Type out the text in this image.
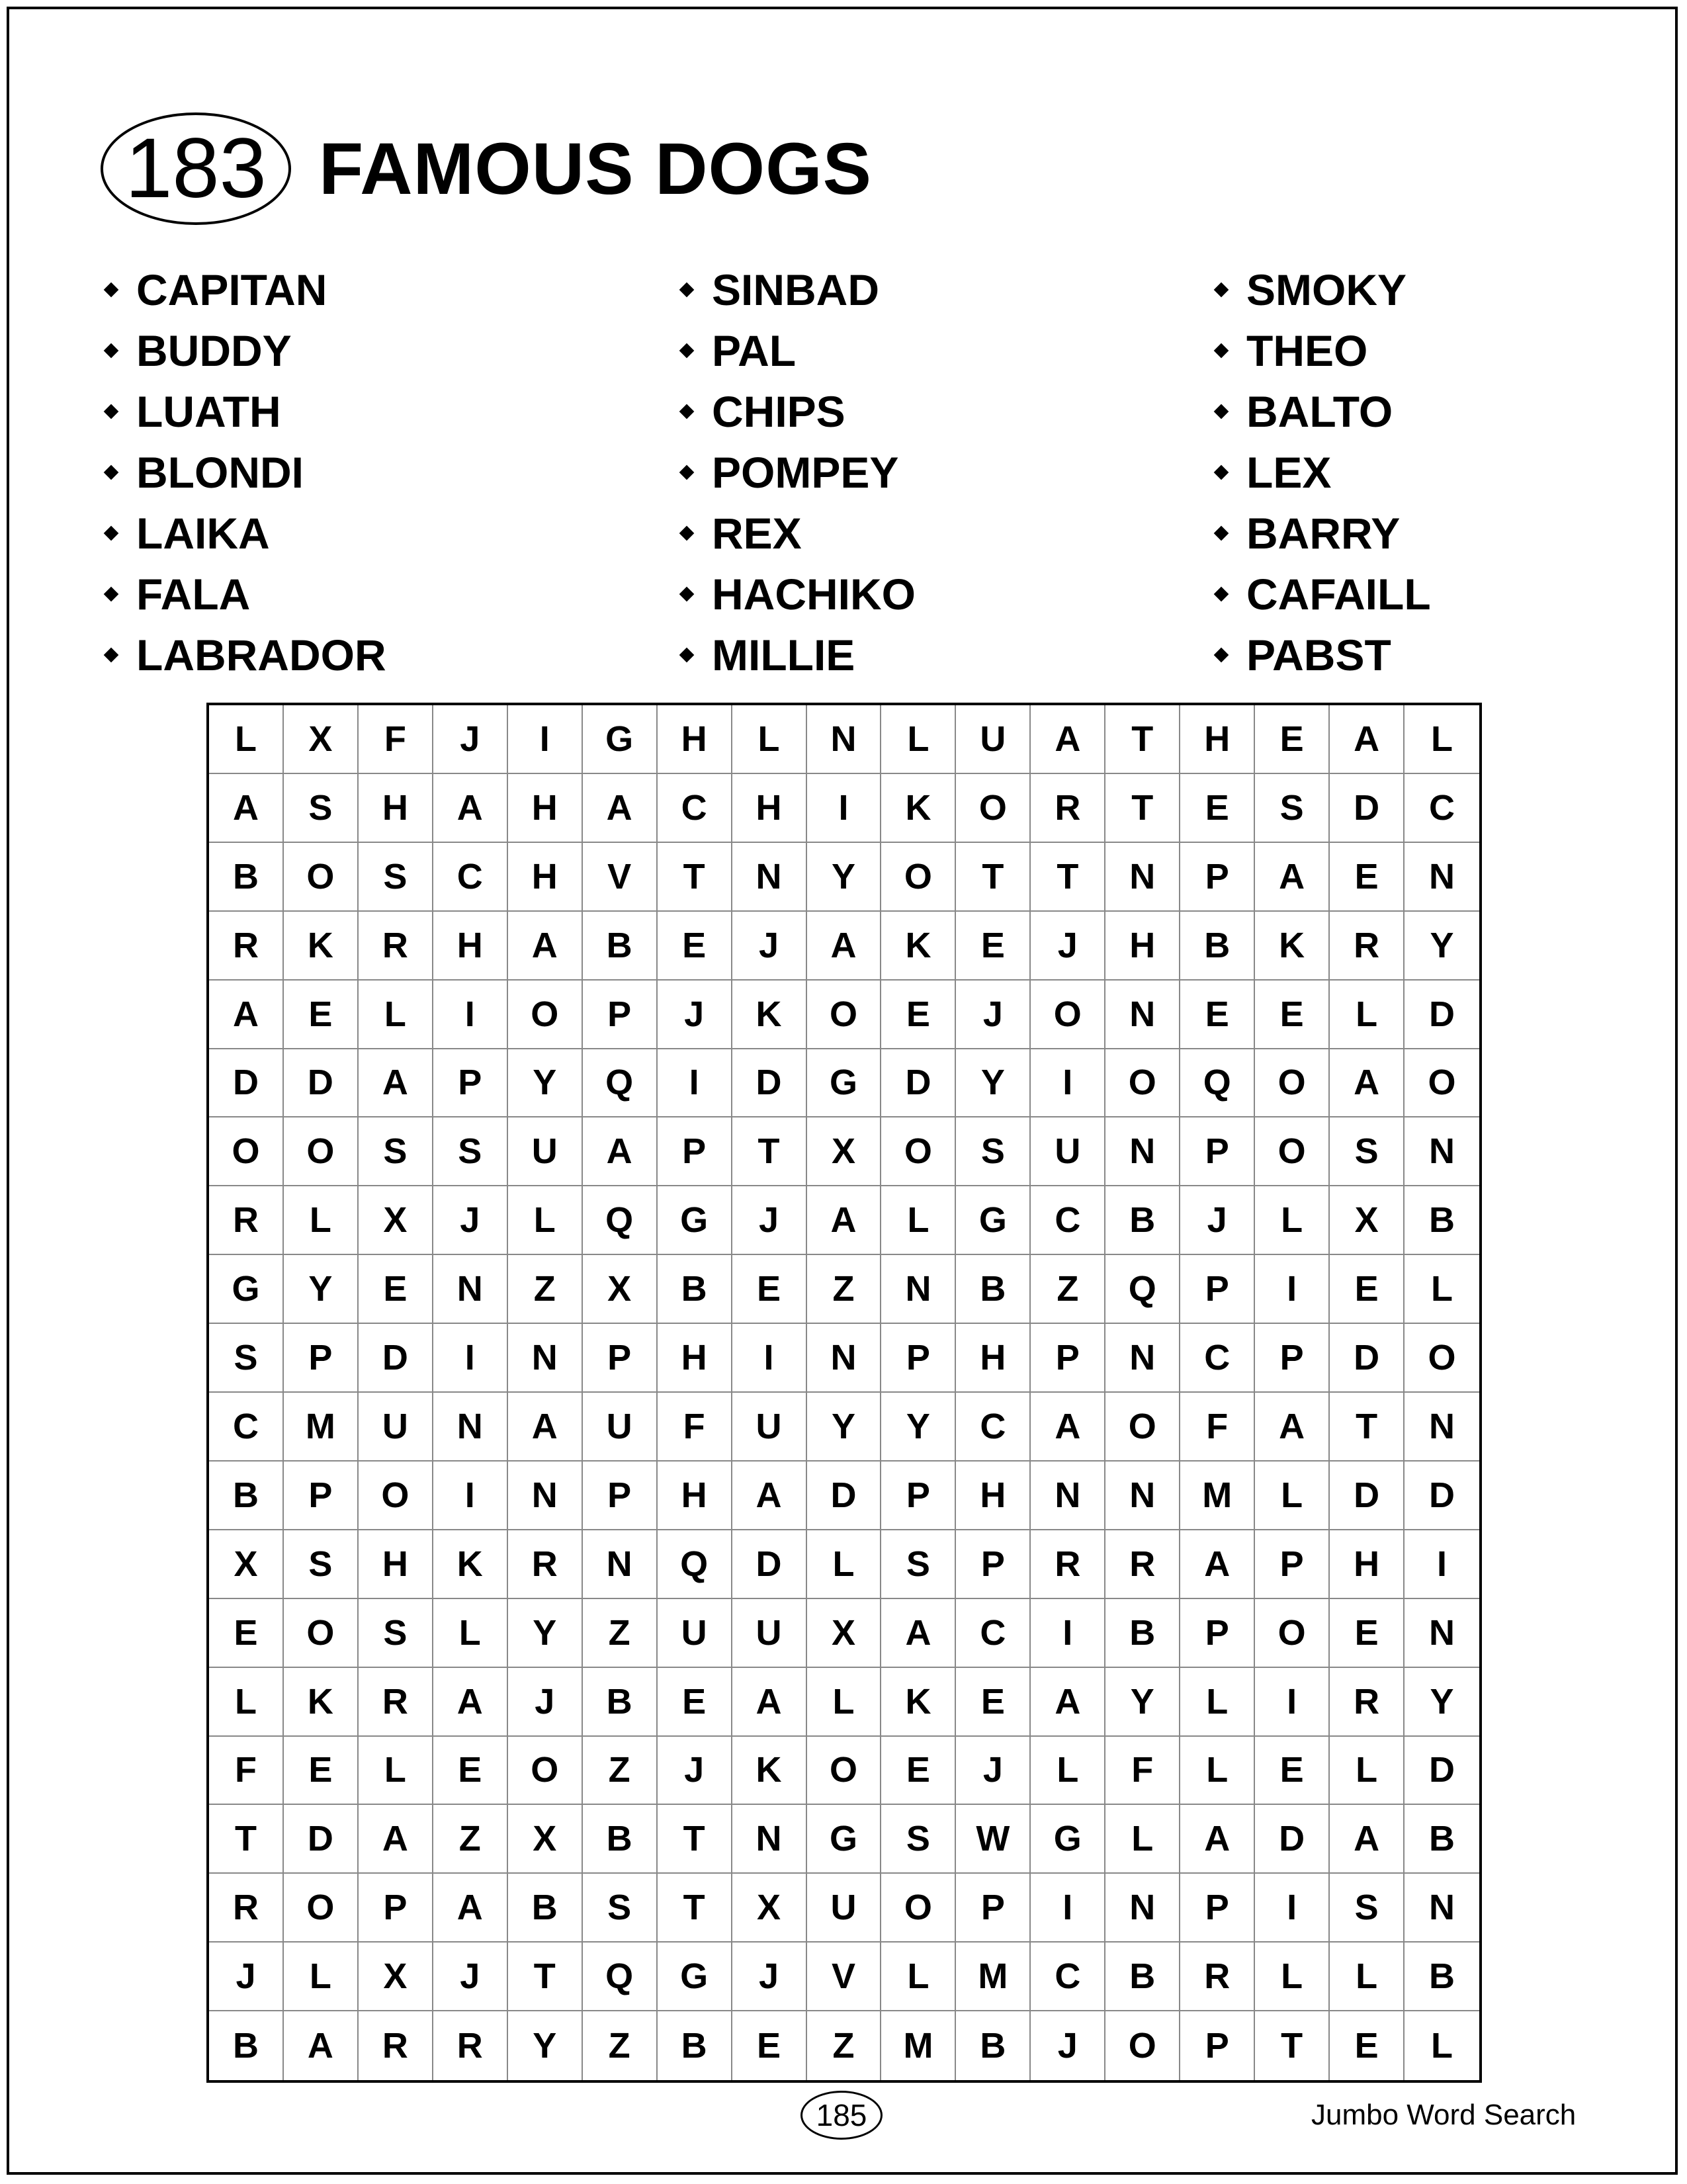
183 FAMOUS DOGS
CAPITAN
BUDDY
LUATH
BLONDI
LAIKA
FALA
LABRADOR
SINBAD
PAL
CHIPS
POMPEY
REX
HACHIKO
MILLIE
SMOKY
THEO
BALTO
LEX
BARRY
CAFAILL
PABST
L	X	F	J	I	G	H	L	N	L	U	A	T	H	E	A	L
A	S	H	A	H	A	C	H	I	K	O	R	T	E	S	D	C
B	O	S	C	H	V	T	N	Y	O	T	T	N	P	A	E	N
R	K	R	H	A	B	E	J	A	K	E	J	H	B	K	R	Y
A	E	L	I	O	P	J	K	O	E	J	O	N	E	E	L	D
D	D	A	P	Y	Q	I	D	G	D	Y	I	O	Q	O	A	O
O	O	S	S	U	A	P	T	X	O	S	U	N	P	O	S	N
R	L	X	J	L	Q	G	J	A	L	G	C	B	J	L	X	B
G	Y	E	N	Z	X	B	E	Z	N	B	Z	Q	P	I	E	L
S	P	D	I	N	P	H	I	N	P	H	P	N	C	P	D	O
C	M	U	N	A	U	F	U	Y	Y	C	A	O	F	A	T	N
B	P	O	I	N	P	H	A	D	P	H	N	N	M	L	D	D
X	S	H	K	R	N	Q	D	L	S	P	R	R	A	P	H	I
E	O	S	L	Y	Z	U	U	X	A	C	I	B	P	O	E	N
L	K	R	A	J	B	E	A	L	K	E	A	Y	L	I	R	Y
F	E	L	E	O	Z	J	K	O	E	J	L	F	L	E	L	D
T	D	A	Z	X	B	T	N	G	S	W	G	L	A	D	A	B
R	O	P	A	B	S	T	X	U	O	P	I	N	P	I	S	N
J	L	X	J	T	Q	G	J	V	L	M	C	B	R	L	L	B
B	A	R	R	Y	Z	B	E	Z	M	B	J	O	P	T	E	L
185	Jumbo Word Search
